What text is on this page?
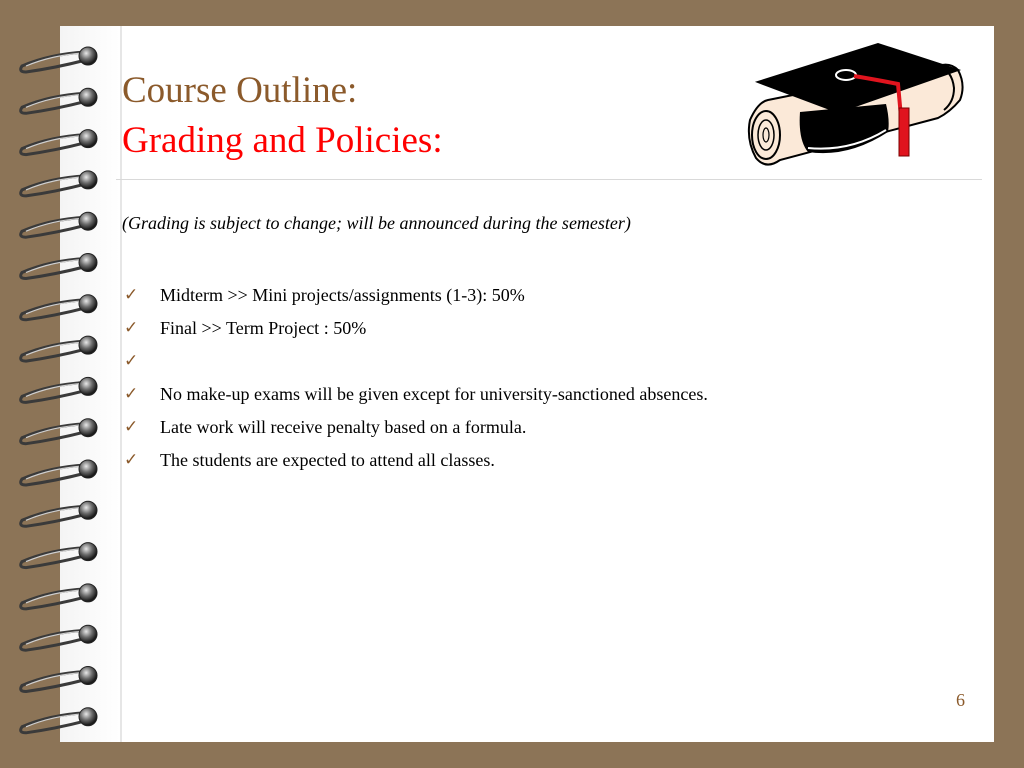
Course Outline:
Grading and Policies:

(Grading is subject to change; will be announced during the semester)

✓ Midterm >> Mini projects/assignments (1-3): 50%
✓ Final >> Term Project : 50%
✓
✓ No make-up exams will be given except for university-sanctioned absences.
✓ Late work will receive penalty based on a formula.
✓ The students are expected to attend all classes.
6
